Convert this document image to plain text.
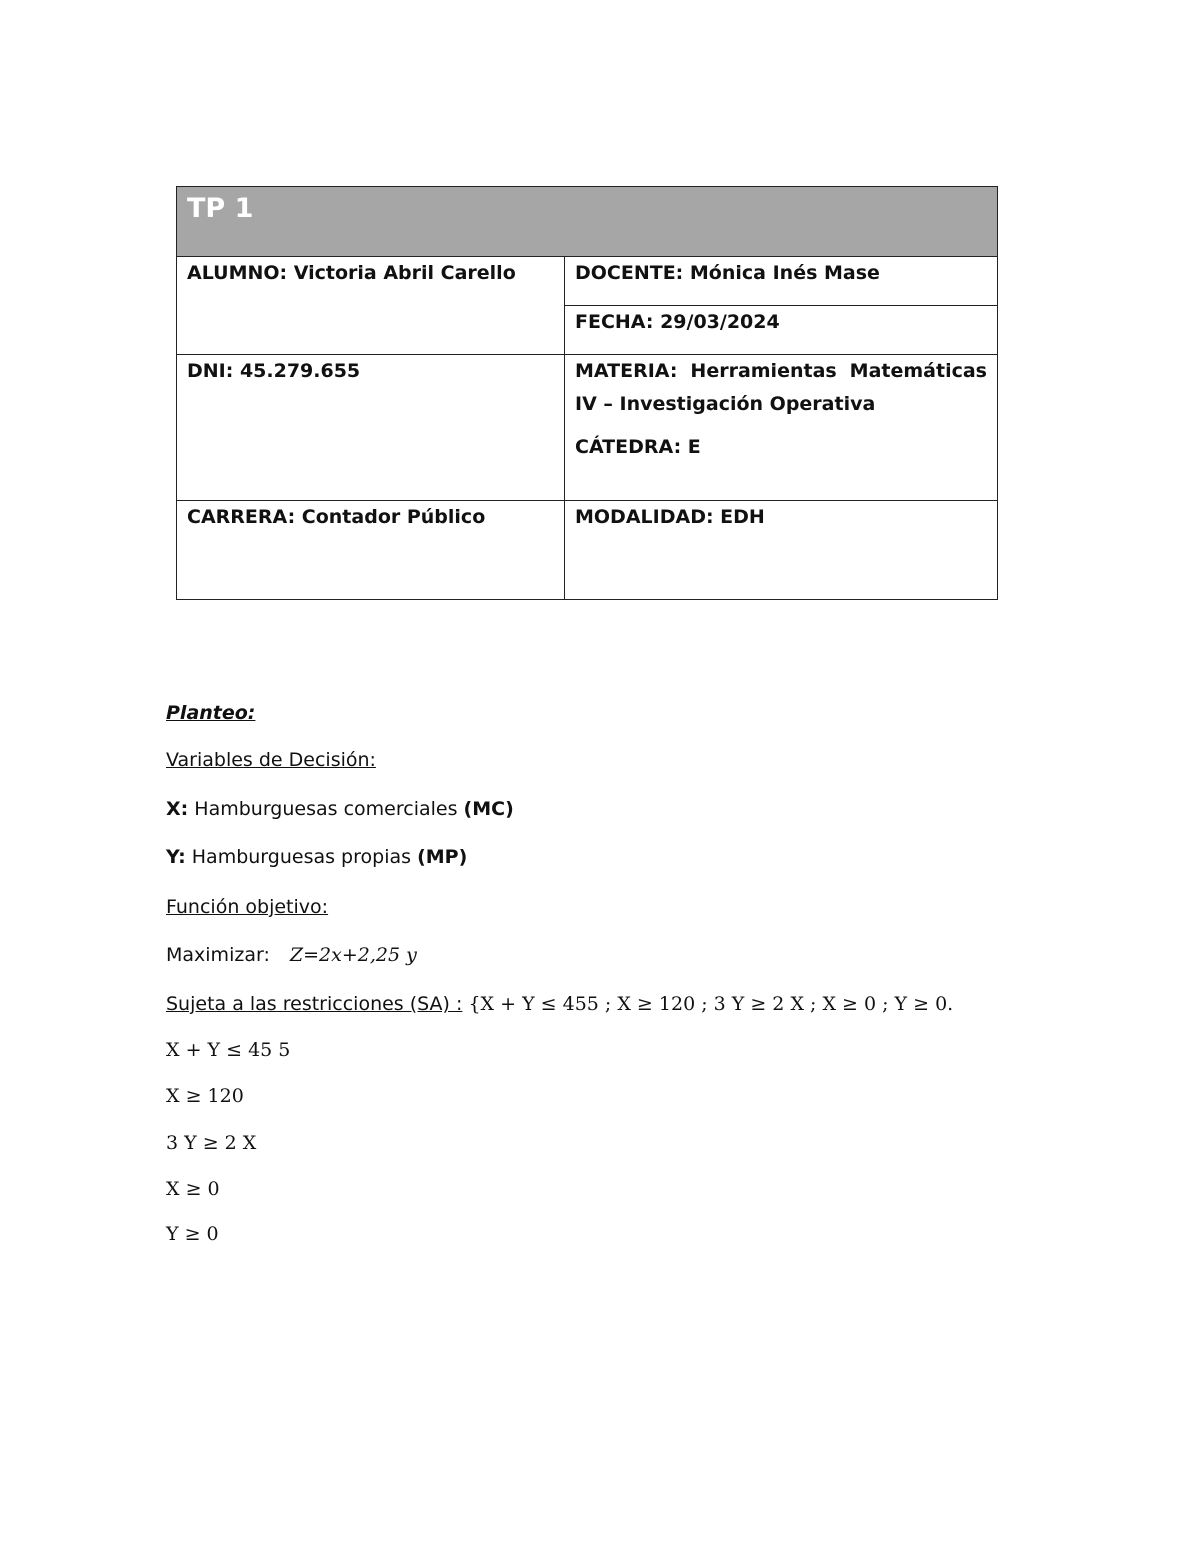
TP 1	

ALUMNO: Victoria Abril Carello	DOCENTE: Mónica Inés Mase

	FECHA: 29/03/2024

DNI: 45.279.655	MATERIA: Herramientas Matemáticas IV – Investigación Operativa
CÁTEDRA: E

CARRERA: Contador Público	MODALIDAD: EDH
Planteo:
Variables de Decisión:
X: Hamburguesas comerciales (MC)
Y: Hamburguesas propias (MP)
Función objetivo:
Maximizar: Z=2x+2,25 y
Sujeta a las restricciones (SA) : {X + Y ≤ 455 ; X ≥ 120 ; 3 Y ≥ 2 X ; X ≥ 0 ; Y ≥ 0.
X + Y ≤ 45 5
X ≥ 120
3 Y ≥ 2 X
X ≥ 0
Y ≥ 0
